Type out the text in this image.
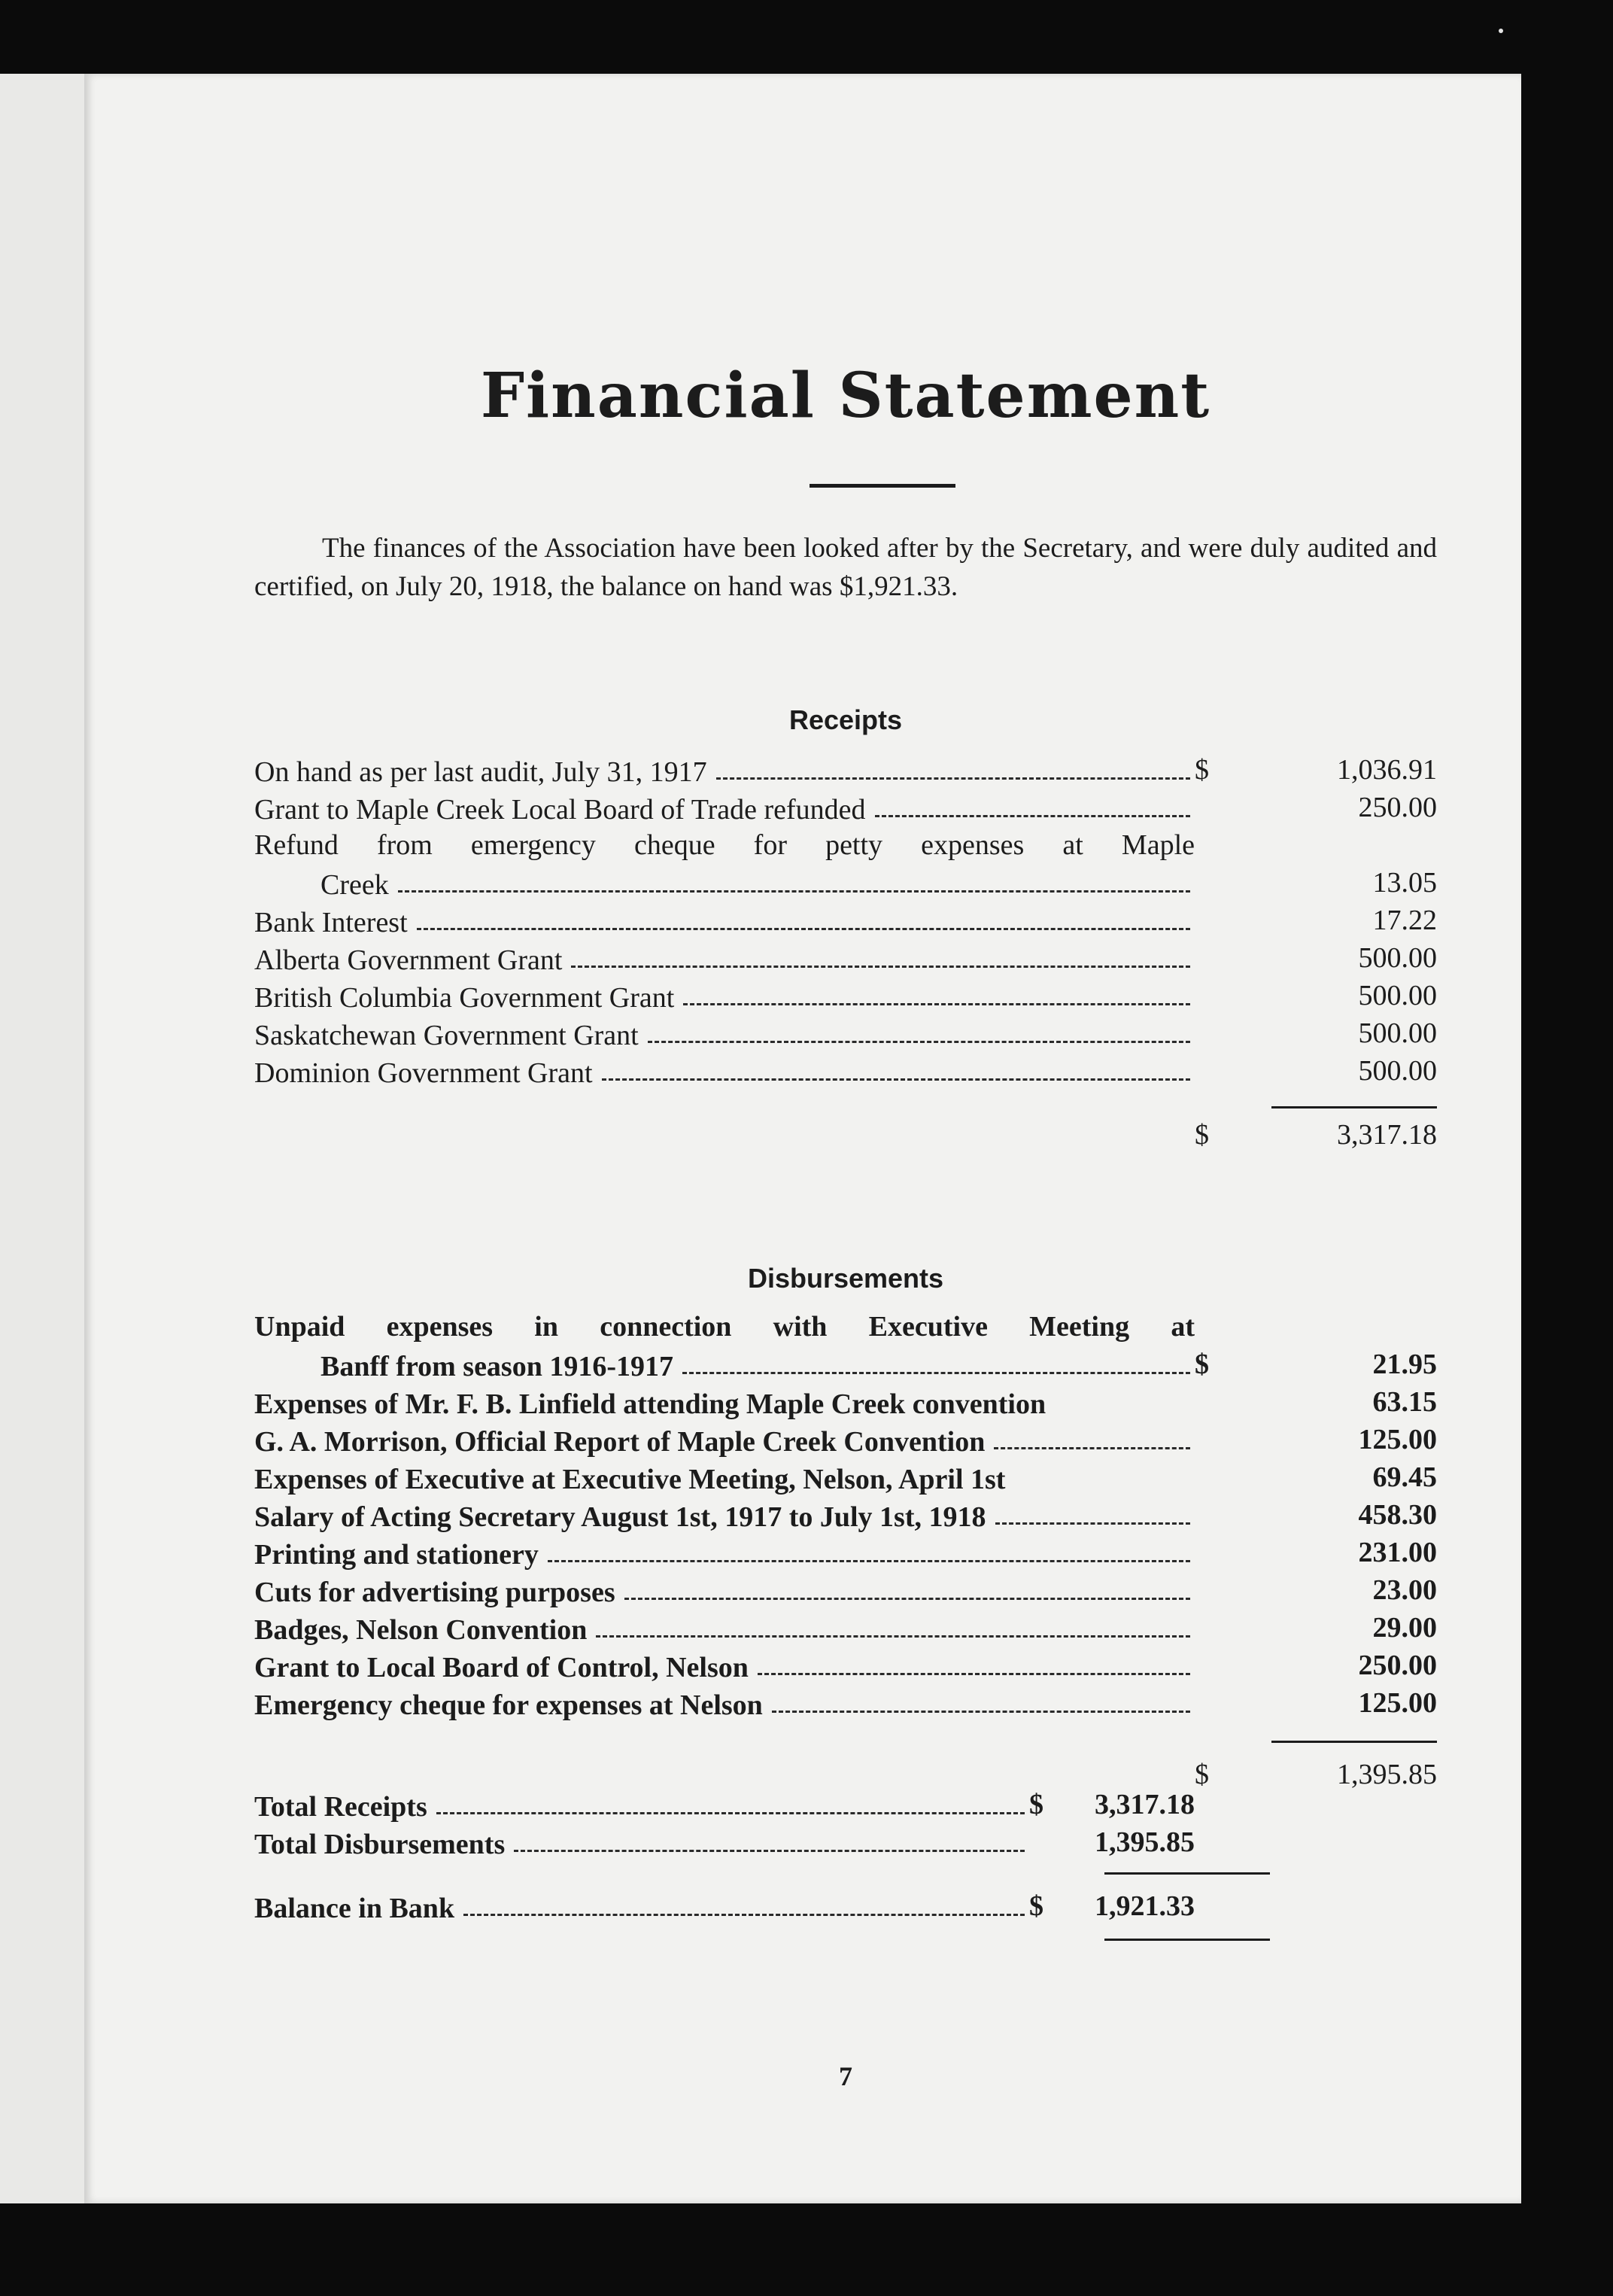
Financial Statement
The finances of the Association have been looked after by the Secretary, and were duly audited and certified, on July 20, 1918, the balance on hand was $1,921.33.
Receipts
On hand as per last audit, July 31, 1917	$	1,036.91
Grant to Maple Creek Local Board of Trade refunded	250.00
Refund from emergency cheque for petty expenses at Maple
Creek	13.05
Bank Interest	17.22
Alberta Government Grant	500.00
British Columbia Government Grant	500.00
Saskatchewan Government Grant	500.00
Dominion Government Grant	500.00
$	3,317.18
Disbursements
Unpaid expenses in connection with Executive Meeting at
Banff from season 1916-1917	$	21.95
Expenses of Mr. F. B. Linfield attending Maple Creek convention	63.15
G. A. Morrison, Official Report of Maple Creek Convention	125.00
Expenses of Executive at Executive Meeting, Nelson, April 1st	69.45
Salary of Acting Secretary August 1st, 1917 to July 1st, 1918	458.30
Printing and stationery	231.00
Cuts for advertising purposes	23.00
Badges, Nelson Convention	29.00
Grant to Local Board of Control, Nelson	250.00
Emergency cheque for expenses at Nelson	125.00
$	1,395.85
Total Receipts	$ 3,317.18
Total Disbursements	1,395.85
Balance in Bank	$ 1,921.33
7
